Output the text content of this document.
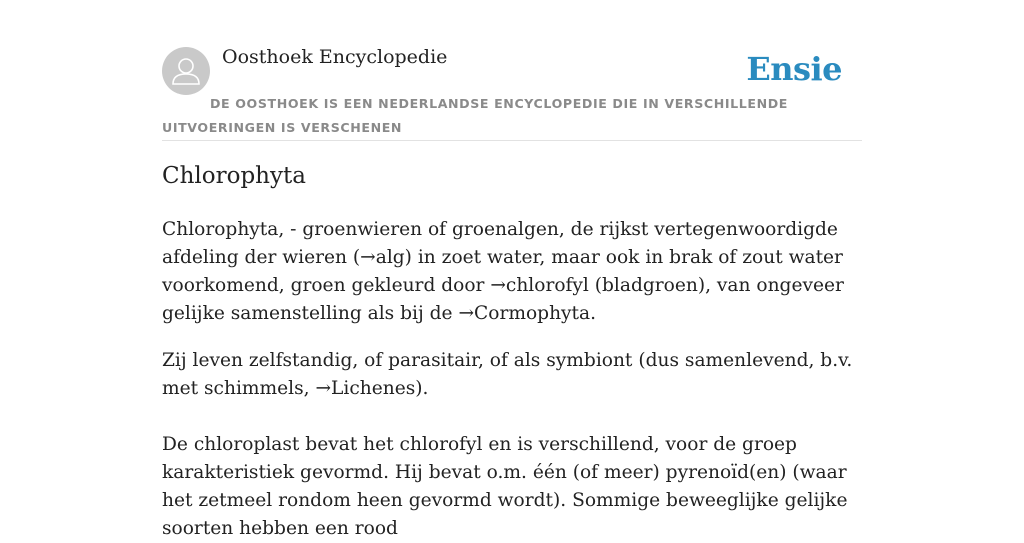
Oosthoek Encyclopedie	Ensie
DE OOSTHOEK IS EEN NEDERLANDSE ENCYCLOPEDIE DIE IN VERSCHILLENDE UITVOERINGEN IS VERSCHENEN
Chlorophyta

Chlorophyta, - groenwieren of groenalgen, de rijkst vertegenwoordigde afdeling der wieren (→alg) in zoet water, maar ook in brak of zout water voorkomend, groen gekleurd door →chlorofyl (bladgroen), van ongeveer gelijke samenstelling als bij de →Cormophyta.

Zij leven zelfstandig, of parasitair, of als symbiont (dus samenlevend, b.v. met schimmels, →Lichenes).

De chloroplast bevat het chlorofyl en is verschillend, voor de groep karakteristiek gevormd. Hij bevat o.m. één (of meer) pyrenoïd(en) (waar het zetmeel rondom heen gevormd wordt). Sommige beweeglijke gelijke soorten hebben een rood
